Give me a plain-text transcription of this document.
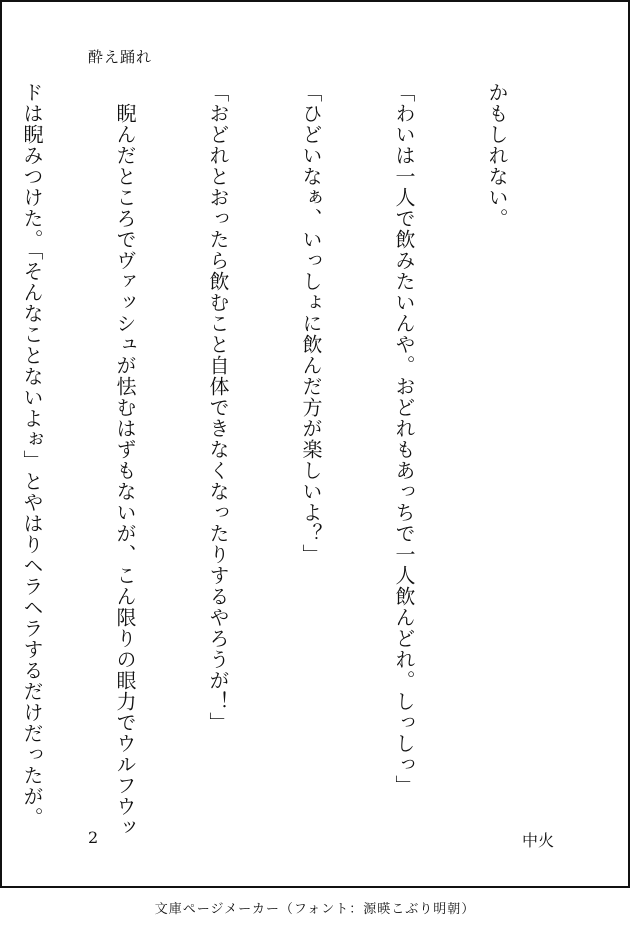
酔え踊れ

かもしれない。

「わいは一人で飲みたいんや。おどれもあっちで一人飲んどれ。しっしっ」

「ひどいなぁ、いっしょに飲んだ方が楽しいよ？」

「おどれとおったら飲むこと自体できなくなったりするやろうが！」

　睨んだところでヴァッシュが怯むはずもないが、こん限りの眼力でウルフウッ

ドは睨みつけた。「そんなことないよぉ」とやはりヘラヘラするだけだったが。

2	中火
文庫ページメーカー（フォント：源暎こぶり明朝）
